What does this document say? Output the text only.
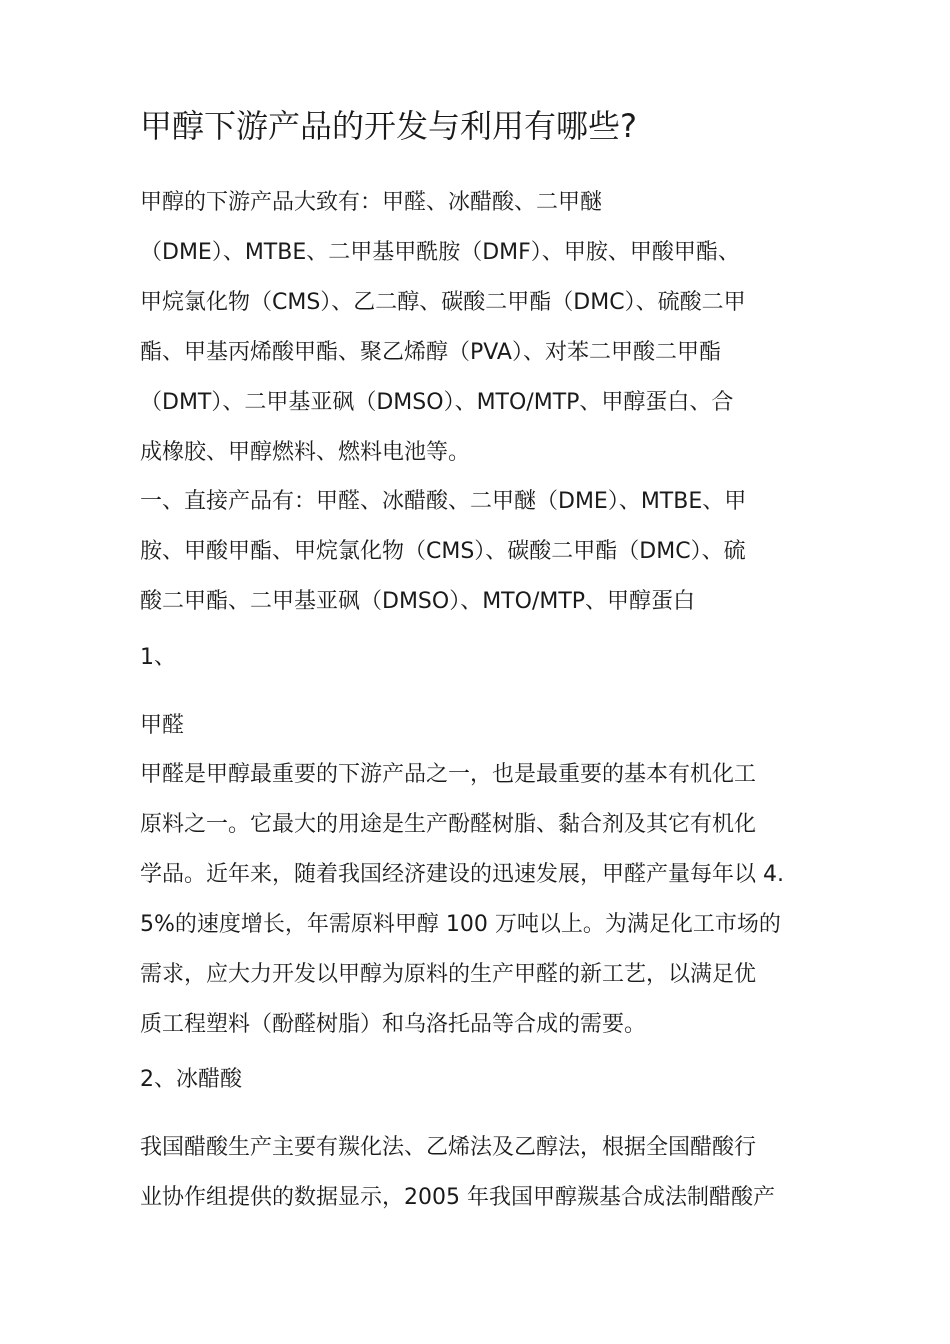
甲醇下游产品的开发与利用有哪些?
甲醇的下游产品大致有：甲醛、冰醋酸、二甲醚
（DME）、MTBE、二甲基甲酰胺（DMF）、甲胺、甲酸甲酯、
甲烷氯化物（CMS）、乙二醇、碳酸二甲酯（DMC）、硫酸二甲
酯、甲基丙烯酸甲酯、聚乙烯醇（PVA）、对苯二甲酸二甲酯
（DMT）、二甲基亚砜（DMSO）、MTO/MTP、甲醇蛋白、合
成橡胶、甲醇燃料、燃料电池等。
一、直接产品有：甲醛、冰醋酸、二甲醚（DME）、MTBE、甲
胺、甲酸甲酯、甲烷氯化物（CMS）、碳酸二甲酯（DMC）、硫
酸二甲酯、二甲基亚砜（DMSO）、MTO/MTP、甲醇蛋白
1、
甲醛
甲醛是甲醇最重要的下游产品之一，也是最重要的基本有机化工
原料之一。它最大的用途是生产酚醛树脂、黏合剂及其它有机化
学品。近年来，随着我国经济建设的迅速发展，甲醛产量每年以 4.
5%的速度增长，年需原料甲醇 100 万吨以上。为满足化工市场的
需求，应大力开发以甲醇为原料的生产甲醛的新工艺，以满足优
质工程塑料（酚醛树脂）和乌洛托品等合成的需要。
2、冰醋酸
我国醋酸生产主要有羰化法、乙烯法及乙醇法，根据全国醋酸行
业协作组提供的数据显示，2005 年我国甲醇羰基合成法制醋酸产
